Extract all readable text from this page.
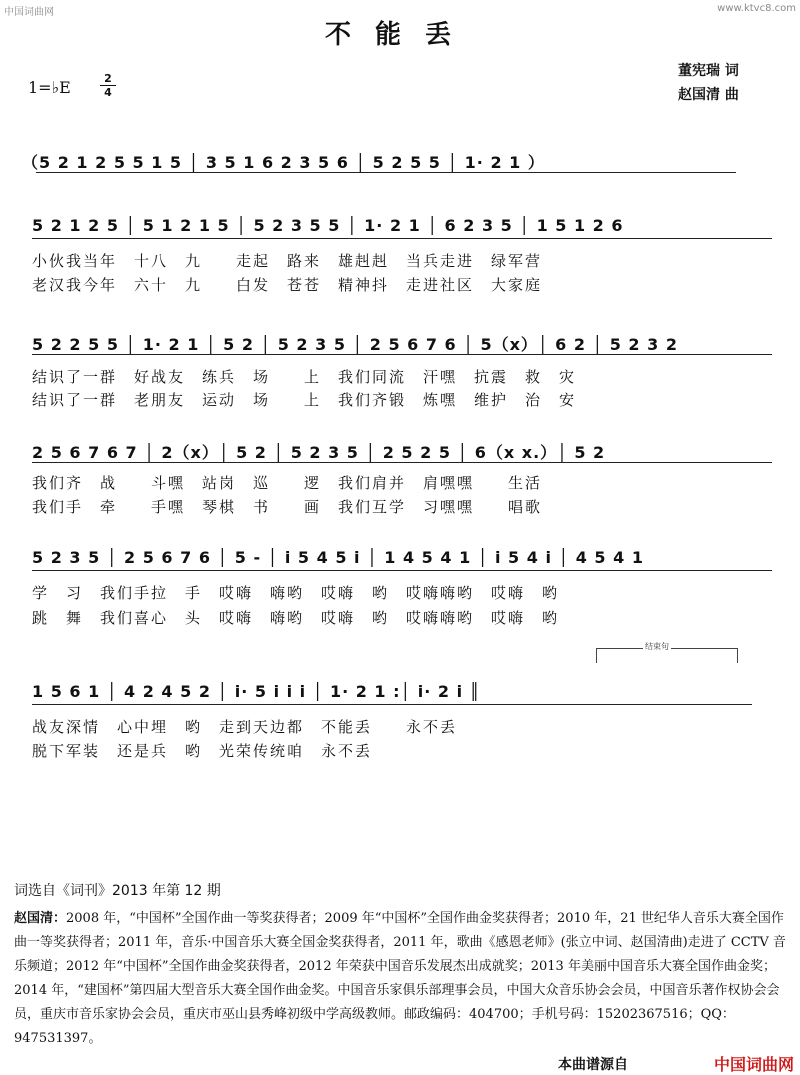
中国词曲网	www.ktvc8.com
不能丢
1=♭E	$\frac{2}{4}$
董宪瑞 词
赵国清 曲
（5 2 1 2 5 5 1 5 │ 3 5 1 6 2 3 5 6 │ 5 2 5 5 │ 1· 2 1 ）
5 2 1 2 5 │ 5 1 2 1 5 │ 5 2 3 5 5 │ 1· 2 1 │ 6 2 3 5 │ 1 5 1 2 6
小伙我当年　十八　九　　走起　路来　雄赳赳　当兵走进　绿军营
老汉我今年　六十　九　　白发　苍苍　精神抖　走进社区　大家庭
5 2 2 5 5 │ 1· 2 1 │ 5 2 │ 5 2 3 5 │ 2 5 6 7 6 │ 5（x）│ 6 2 │ 5 2 3 2
结识了一群　好战友　练兵　场　　上　我们同流　汗嘿　抗震　救　灾
结识了一群　老朋友　运动　场　　上　我们齐锻　炼嘿　维护　治　安
2 5 6 7 6 7 │ 2（x）│ 5 2 │ 5 2 3 5 │ 2 5 2 5 │ 6（x x.）│ 5 2
我们齐　战　　斗嘿　站岗　巡　　逻　我们肩并　肩嘿嘿　　生活
我们手　牵　　手嘿　琴棋　书　　画　我们互学　习嘿嘿　　唱歌
5 2 3 5 │ 2 5 6 7 6 │ 5 - │ i 5 4 5 i │ 1 4 5 4 1 │ i 5 4 i │ 4 5 4 1
学　习　我们手拉　手　哎嗨　嗨哟　哎嗨　哟　哎嗨嗨哟　哎嗨　哟
跳　舞　我们喜心　头　哎嗨　嗨哟　哎嗨　哟　哎嗨嗨哟　哎嗨　哟
结束句
1 5 6 1 │ 4 2 4 5 2 │ i· 5 i i i │ 1· 2 1 :│ i· 2 i ║
战友深情　心中埋　哟　走到天边都　不能丢　　永不丢
脱下军装　还是兵　哟　光荣传统咱　永不丢
词选自《词刊》2013 年第 12 期
赵国清：2008 年，“中国杯”全国作曲一等奖获得者；2009 年“中国杯”全国作曲金奖获得者；2010 年，21 世纪华人音乐大赛全国作曲一等奖获得者；2011 年，音乐·中国音乐大赛全国金奖获得者，2011 年，歌曲《感恩老师》(张立中词、赵国清曲)走进了 CCTV 音乐频道；2012 年“中国杯”全国作曲金奖获得者，2012 年荣获中国音乐发展杰出成就奖；2013 年美丽中国音乐大赛全国作曲金奖；2014 年，“建国杯”第四届大型音乐大赛全国作曲金奖。中国音乐家俱乐部理事会员，中国大众音乐协会会员，中国音乐著作权协会会员，重庆市音乐家协会会员，重庆市巫山县秀峰初级中学高级教师。邮政编码：404700；手机号码：15202367516；QQ：947531397。
本曲谱源自	中国词曲网
